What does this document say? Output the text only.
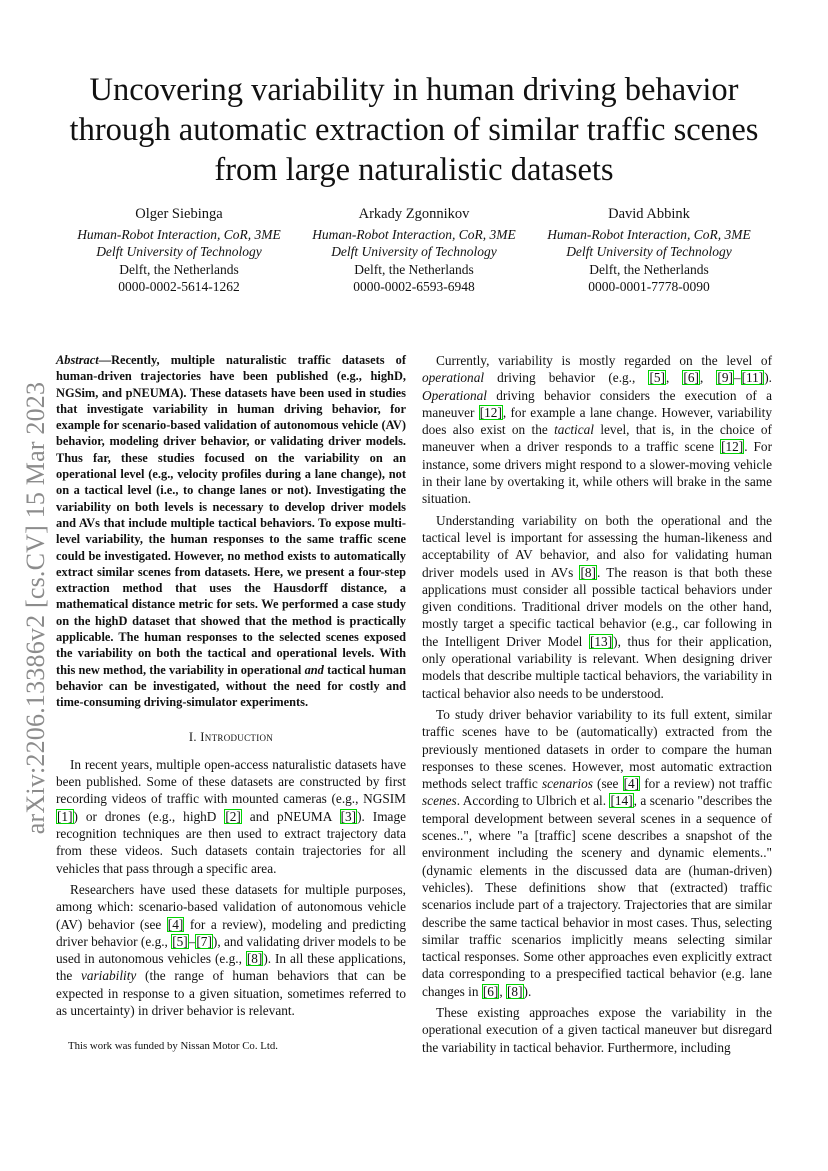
arXiv:2206.13386v2 [cs.CV] 15 Mar 2023
Uncovering variability in human driving behavior through automatic extraction of similar traffic scenes from large naturalistic datasets
Olger Siebinga
Human-Robot Interaction, CoR, 3ME
Delft University of Technology
Delft, the Netherlands
0000-0002-5614-1262
Arkady Zgonnikov
Human-Robot Interaction, CoR, 3ME
Delft University of Technology
Delft, the Netherlands
0000-0002-6593-6948
David Abbink
Human-Robot Interaction, CoR, 3ME
Delft University of Technology
Delft, the Netherlands
0000-0001-7778-0090
Abstract—Recently, multiple naturalistic traffic datasets of human-driven trajectories have been published (e.g., highD, NGSim, and pNEUMA). These datasets have been used in studies that investigate variability in human driving behavior, for example for scenario-based validation of autonomous vehicle (AV) behavior, modeling driver behavior, or validating driver models. Thus far, these studies focused on the variability on an operational level (e.g., velocity profiles during a lane change), not on a tactical level (i.e., to change lanes or not). Investigating the variability on both levels is necessary to develop driver models and AVs that include multiple tactical behaviors. To expose multi-level variability, the human responses to the same traffic scene could be investigated. However, no method exists to automatically extract similar scenes from datasets. Here, we present a four-step extraction method that uses the Hausdorff distance, a mathematical distance metric for sets. We performed a case study on the highD dataset that showed that the method is practically applicable. The human responses to the selected scenes exposed the variability on both the tactical and operational levels. With this new method, the variability in operational and tactical human behavior can be investigated, without the need for costly and time-consuming driving-simulator experiments.
I. Introduction

In recent years, multiple open-access naturalistic datasets have been published. Some of these datasets are constructed by first recording videos of traffic with mounted cameras (e.g., NGSIM [1]) or drones (e.g., highD [2] and pNEUMA [3]). Image recognition techniques are then used to extract trajectory data from these videos. Such datasets contain trajectories for all vehicles that pass through a specific area.

Researchers have used these datasets for multiple purposes, among which: scenario-based validation of autonomous vehicle (AV) behavior (see [4] for a review), modeling and predicting driver behavior (e.g., [5]–[7]), and validating driver models to be used in autonomous vehicles (e.g., [8]). In all these applications, the variability (the range of human behaviors that can be expected in response to a given situation, sometimes referred to as uncertainty) in driver behavior is relevant.

This work was funded by Nissan Motor Co. Ltd.

Currently, variability is mostly regarded on the level of operational driving behavior (e.g., [5], [6], [9]–[11]). Operational driving behavior considers the execution of a maneuver [12], for example a lane change. However, variability does also exist on the tactical level, that is, in the choice of maneuver when a driver responds to a traffic scene [12]. For instance, some drivers might respond to a slower-moving vehicle in their lane by overtaking it, while others will brake in the same situation.

Understanding variability on both the operational and the tactical level is important for assessing the human-likeness and acceptability of AV behavior, and also for validating human driver models used in AVs [8]. The reason is that both these applications must consider all possible tactical behaviors under given conditions. Traditional driver models on the other hand, mostly target a specific tactical behavior (e.g., car following in the Intelligent Driver Model [13]), thus for their application, only operational variability is relevant. When designing driver models that describe multiple tactical behaviors, the variability in tactical behavior also needs to be understood.

To study driver behavior variability to its full extent, similar traffic scenes have to be (automatically) extracted from the previously mentioned datasets in order to compare the human responses to these scenes. However, most automatic extraction methods select traffic scenarios (see [4] for a review) not traffic scenes. According to Ulbrich et al. [14], a scenario "describes the temporal development between several scenes in a sequence of scenes..", where "a [traffic] scene describes a snapshot of the environment including the scenery and dynamic elements.." (dynamic elements in the discussed data are (human-driven) vehicles). These definitions show that (extracted) traffic scenarios include part of a trajectory. Trajectories that are similar describe the same tactical behavior in most cases. Thus, selecting similar traffic scenarios implicitly means selecting similar tactical responses. Some other approaches even explicitly extract data corresponding to a prespecified tactical behavior (e.g. lane changes in [6], [8]).

These existing approaches expose the variability in the operational execution of a given tactical maneuver but disregard the variability in tactical behavior. Furthermore, including
